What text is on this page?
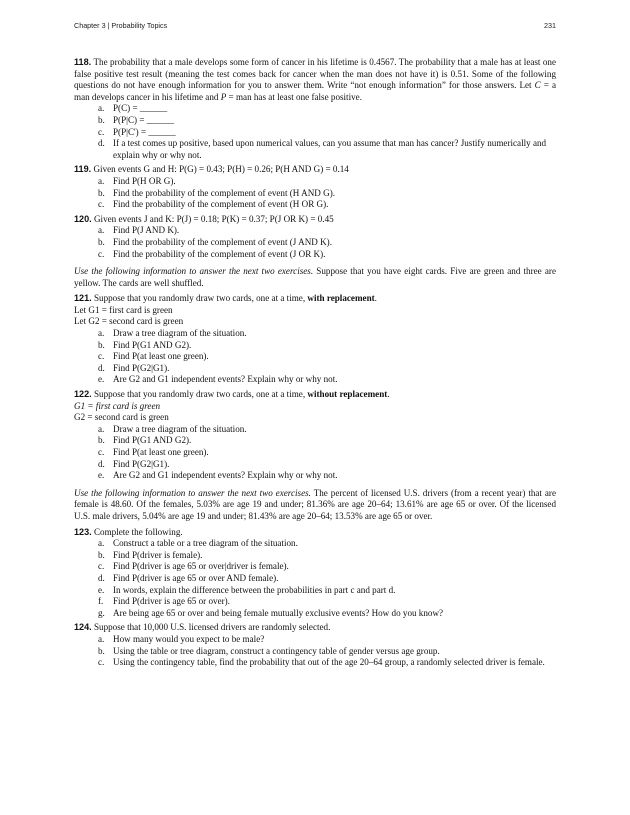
Chapter 3 | Probability Topics	231

118. The probability that a male develops some form of cancer in his lifetime is 0.4567. The probability that a male has at least one false positive test result (meaning the test comes back for cancer when the man does not have it) is 0.51. Some of the following questions do not have enough information for you to answer them. Write “not enough information” for those answers. Let C = a man develops cancer in his lifetime and P = man has at least one false positive.

a. P(C) = ______
b. P(P|C) = ______
c. P(P|C') = ______
d. If a test comes up positive, based upon numerical values, can you assume that man has cancer? Justify numerically and explain why or why not.

119. Given events G and H: P(G) = 0.43; P(H) = 0.26; P(H AND G) = 0.14

a. Find P(H OR G).
b. Find the probability of the complement of event (H AND G).
c. Find the probability of the complement of event (H OR G).

120. Given events J and K: P(J) = 0.18; P(K) = 0.37; P(J OR K) = 0.45

a. Find P(J AND K).
b. Find the probability of the complement of event (J AND K).
c. Find the probability of the complement of event (J OR K).

Use the following information to answer the next two exercises. Suppose that you have eight cards. Five are green and three are yellow. The cards are well shuffled.

121. Suppose that you randomly draw two cards, one at a time, with replacement.

Let G1 = first card is green

Let G2 = second card is green

a. Draw a tree diagram of the situation.
b. Find P(G1 AND G2).
c. Find P(at least one green).
d. Find P(G2|G1).
e. Are G2 and G1 independent events? Explain why or why not.

122. Suppose that you randomly draw two cards, one at a time, without replacement.

G1 = first card is green

G2 = second card is green

a. Draw a tree diagram of the situation.
b. Find P(G1 AND G2).
c. Find P(at least one green).
d. Find P(G2|G1).
e. Are G2 and G1 independent events? Explain why or why not.

Use the following information to answer the next two exercises. The percent of licensed U.S. drivers (from a recent year) that are female is 48.60. Of the females, 5.03% are age 19 and under; 81.36% are age 20–64; 13.61% are age 65 or over. Of the licensed U.S. male drivers, 5.04% are age 19 and under; 81.43% are age 20–64; 13.53% are age 65 or over.

123. Complete the following.

a. Construct a table or a tree diagram of the situation.
b. Find P(driver is female).
c. Find P(driver is age 65 or over|driver is female).
d. Find P(driver is age 65 or over AND female).
e. In words, explain the difference between the probabilities in part c and part d.
f. Find P(driver is age 65 or over).
g. Are being age 65 or over and being female mutually exclusive events? How do you know?

124. Suppose that 10,000 U.S. licensed drivers are randomly selected.

a. How many would you expect to be male?
b. Using the table or tree diagram, construct a contingency table of gender versus age group.
c. Using the contingency table, find the probability that out of the age 20–64 group, a randomly selected driver is female.
